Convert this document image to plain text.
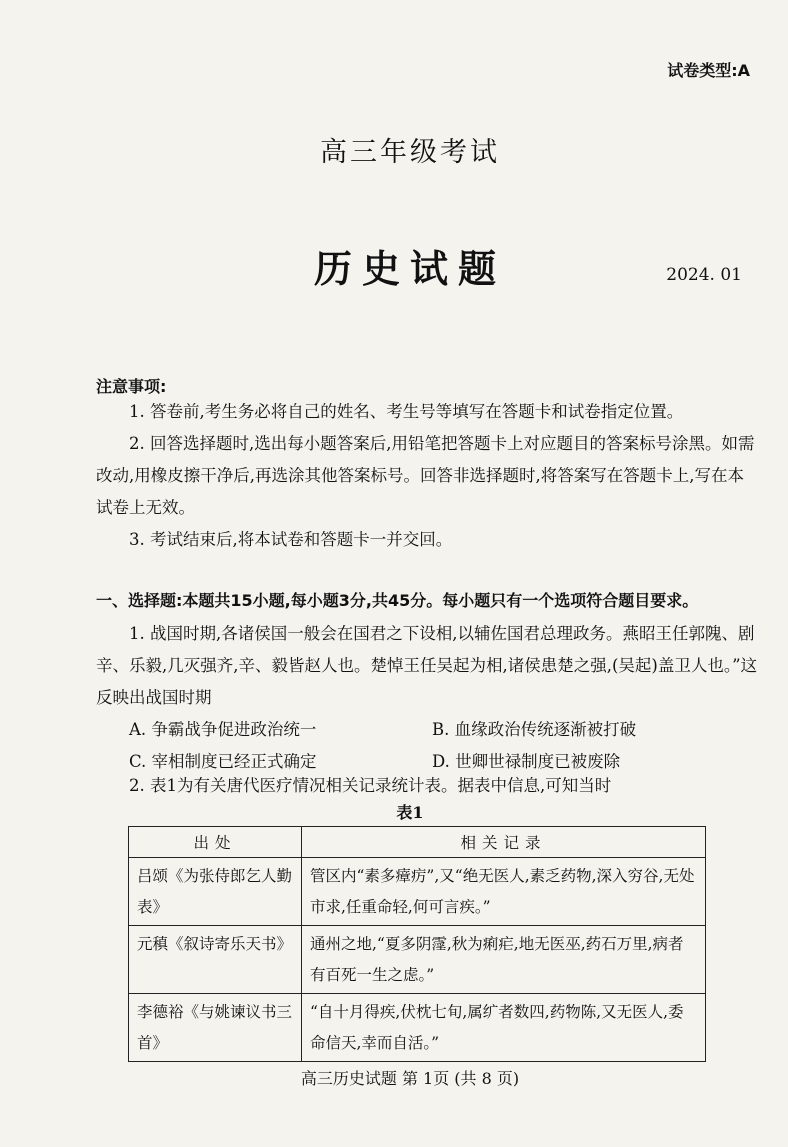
试卷类型:A
高三年级考试
历史试题	2024. 01
注意事项:

1. 答卷前,考生务必将自己的姓名、考生号等填写在答题卡和试卷指定位置。

2. 回答选择题时,选出每小题答案后,用铅笔把答题卡上对应题目的答案标号涂黑。如需改动,用橡皮擦干净后,再选涂其他答案标号。回答非选择题时,将答案写在答题卡上,写在本试卷上无效。

3. 考试结束后,将本试卷和答题卡一并交回。

一、选择题:本题共15小题,每小题3分,共45分。每小题只有一个选项符合题目要求。

1. 战国时期,各诸侯国一般会在国君之下设相,以辅佐国君总理政务。燕昭王任郭隗、剧辛、乐毅,几灭强齐,辛、毅皆赵人也。楚悼王任吴起为相,诸侯患楚之强,(吴起)盖卫人也。”这反映出战国时期

A. 争霸战争促进政治统一	B. 血缘政治传统逐渐被打破
C. 宰相制度已经正式确定	D. 世卿世禄制度已被废除

2. 表1为有关唐代医疗情况相关记录统计表。据表中信息,可知当时

表1
出处	相关记录
吕颂《为张侍郎乞人勤表》	管区内“素多瘴疠”,又“绝无医人,素乏药物,深入穷谷,无处市求,任重命轻,何可言疾。”
元稹《叙诗寄乐天书》	通州之地,“夏多阴霪,秋为痢疟,地无医巫,药石万里,病者有百死一生之虑。”
李德裕《与姚谏议书三首》	“自十月得疾,伏枕七旬,属纩者数四,药物陈,又无医人,委命信天,幸而自活。”
高三历史试题 第 1页 (共 8 页)
